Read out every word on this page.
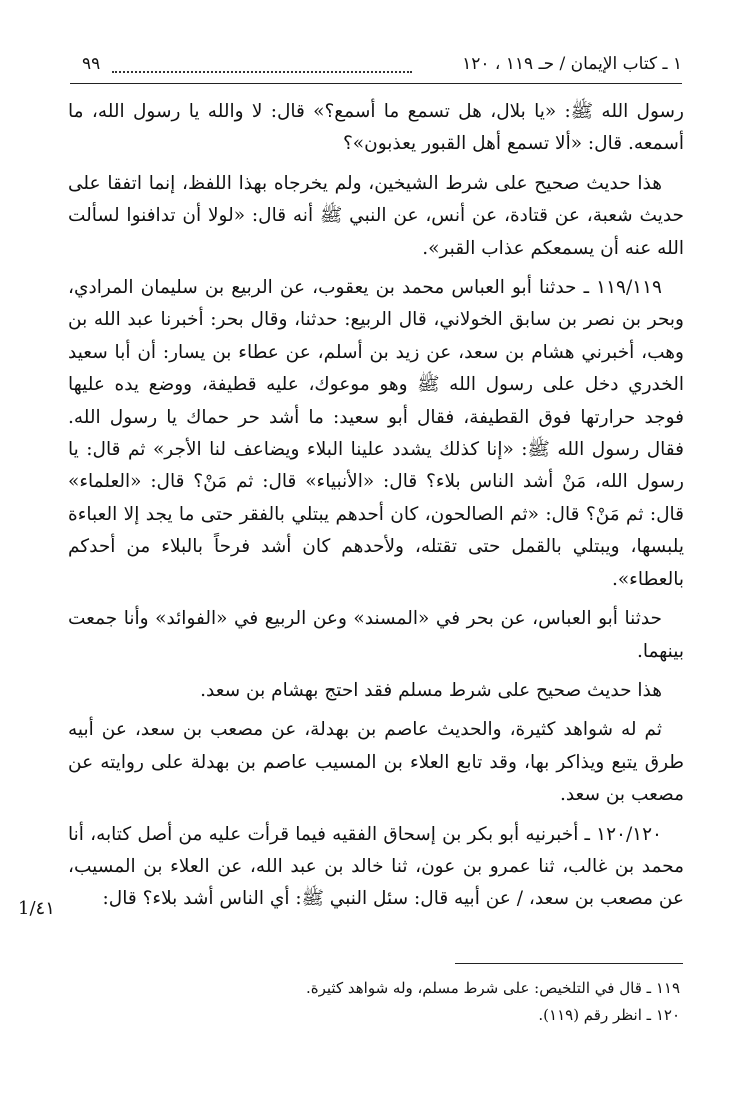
١ ـ كتاب الإيمان / حـ ١١٩ ، ١٢٠
٩٩

رسول الله ﷺ: «يا بلال، هل تسمع ما أسمع؟» قال: لا والله يا رسول الله، ما أسمعه. قال: «ألا تسمع أهل القبور يعذبون»؟

هذا حديث صحيح على شرط الشيخين، ولم يخرجاه بهذا اللفظ، إنما اتفقا على حديث شعبة، عن قتادة، عن أنس، عن النبي ﷺ أنه قال: «لولا أن تدافنوا لسألت الله عنه أن يسمعكم عذاب القبر».

١١٩/١١٩ ـ حدثنا أبو العباس محمد بن يعقوب، عن الربيع بن سليمان المرادي، وبحر بن نصر بن سابق الخولاني، قال الربيع: حدثنا، وقال بحر: أخبرنا عبد الله بن وهب، أخبرني هشام بن سعد، عن زيد بن أسلم، عن عطاء بن يسار: أن أبا سعيد الخدري دخل على رسول الله ﷺ وهو موعوك، عليه قطيفة، ووضع يده عليها فوجد حرارتها فوق القطيفة، فقال أبو سعيد: ما أشد حر حماك يا رسول الله. فقال رسول الله ﷺ: «إنا كذلك يشدد علينا البلاء ويضاعف لنا الأجر» ثم قال: يا رسول الله، مَنْ أشد الناس بلاء؟ قال: «الأنبياء» قال: ثم مَنْ؟ قال: «العلماء» قال: ثم مَنْ؟ قال: «ثم الصالحون، كان أحدهم يبتلي بالفقر حتى ما يجد إلا العباءة يلبسها، ويبتلي بالقمل حتى تقتله، ولأحدهم كان أشد فرحاً بالبلاء من أحدكم بالعطاء».

حدثنا أبو العباس، عن بحر في «المسند» وعن الربيع في «الفوائد» وأنا جمعت بينهما.

هذا حديث صحيح على شرط مسلم فقد احتج بهشام بن سعد.

ثم له شواهد كثيرة، والحديث عاصم بن بهدلة، عن مصعب بن سعد، عن أبيه طرق يتبع ويذاكر بها، وقد تابع العلاء بن المسيب عاصم بن بهدلة على روايته عن مصعب بن سعد.

١٢٠/١٢٠ ـ أخبرنيه أبو بكر بن إسحاق الفقيه فيما قرأت عليه من أصل كتابه، أنا محمد بن غالب، ثنا عمرو بن عون، ثنا خالد بن عبد الله، عن العلاء بن المسيب، عن مصعب بن سعد، / عن أبيه قال: سئل النبي ﷺ: أي الناس أشد بلاء؟ قال:

1/٤١
١١٩ ـ قال في التلخيص: على شرط مسلم، وله شواهد كثيرة.
١٢٠ ـ انظر رقم (١١٩).
